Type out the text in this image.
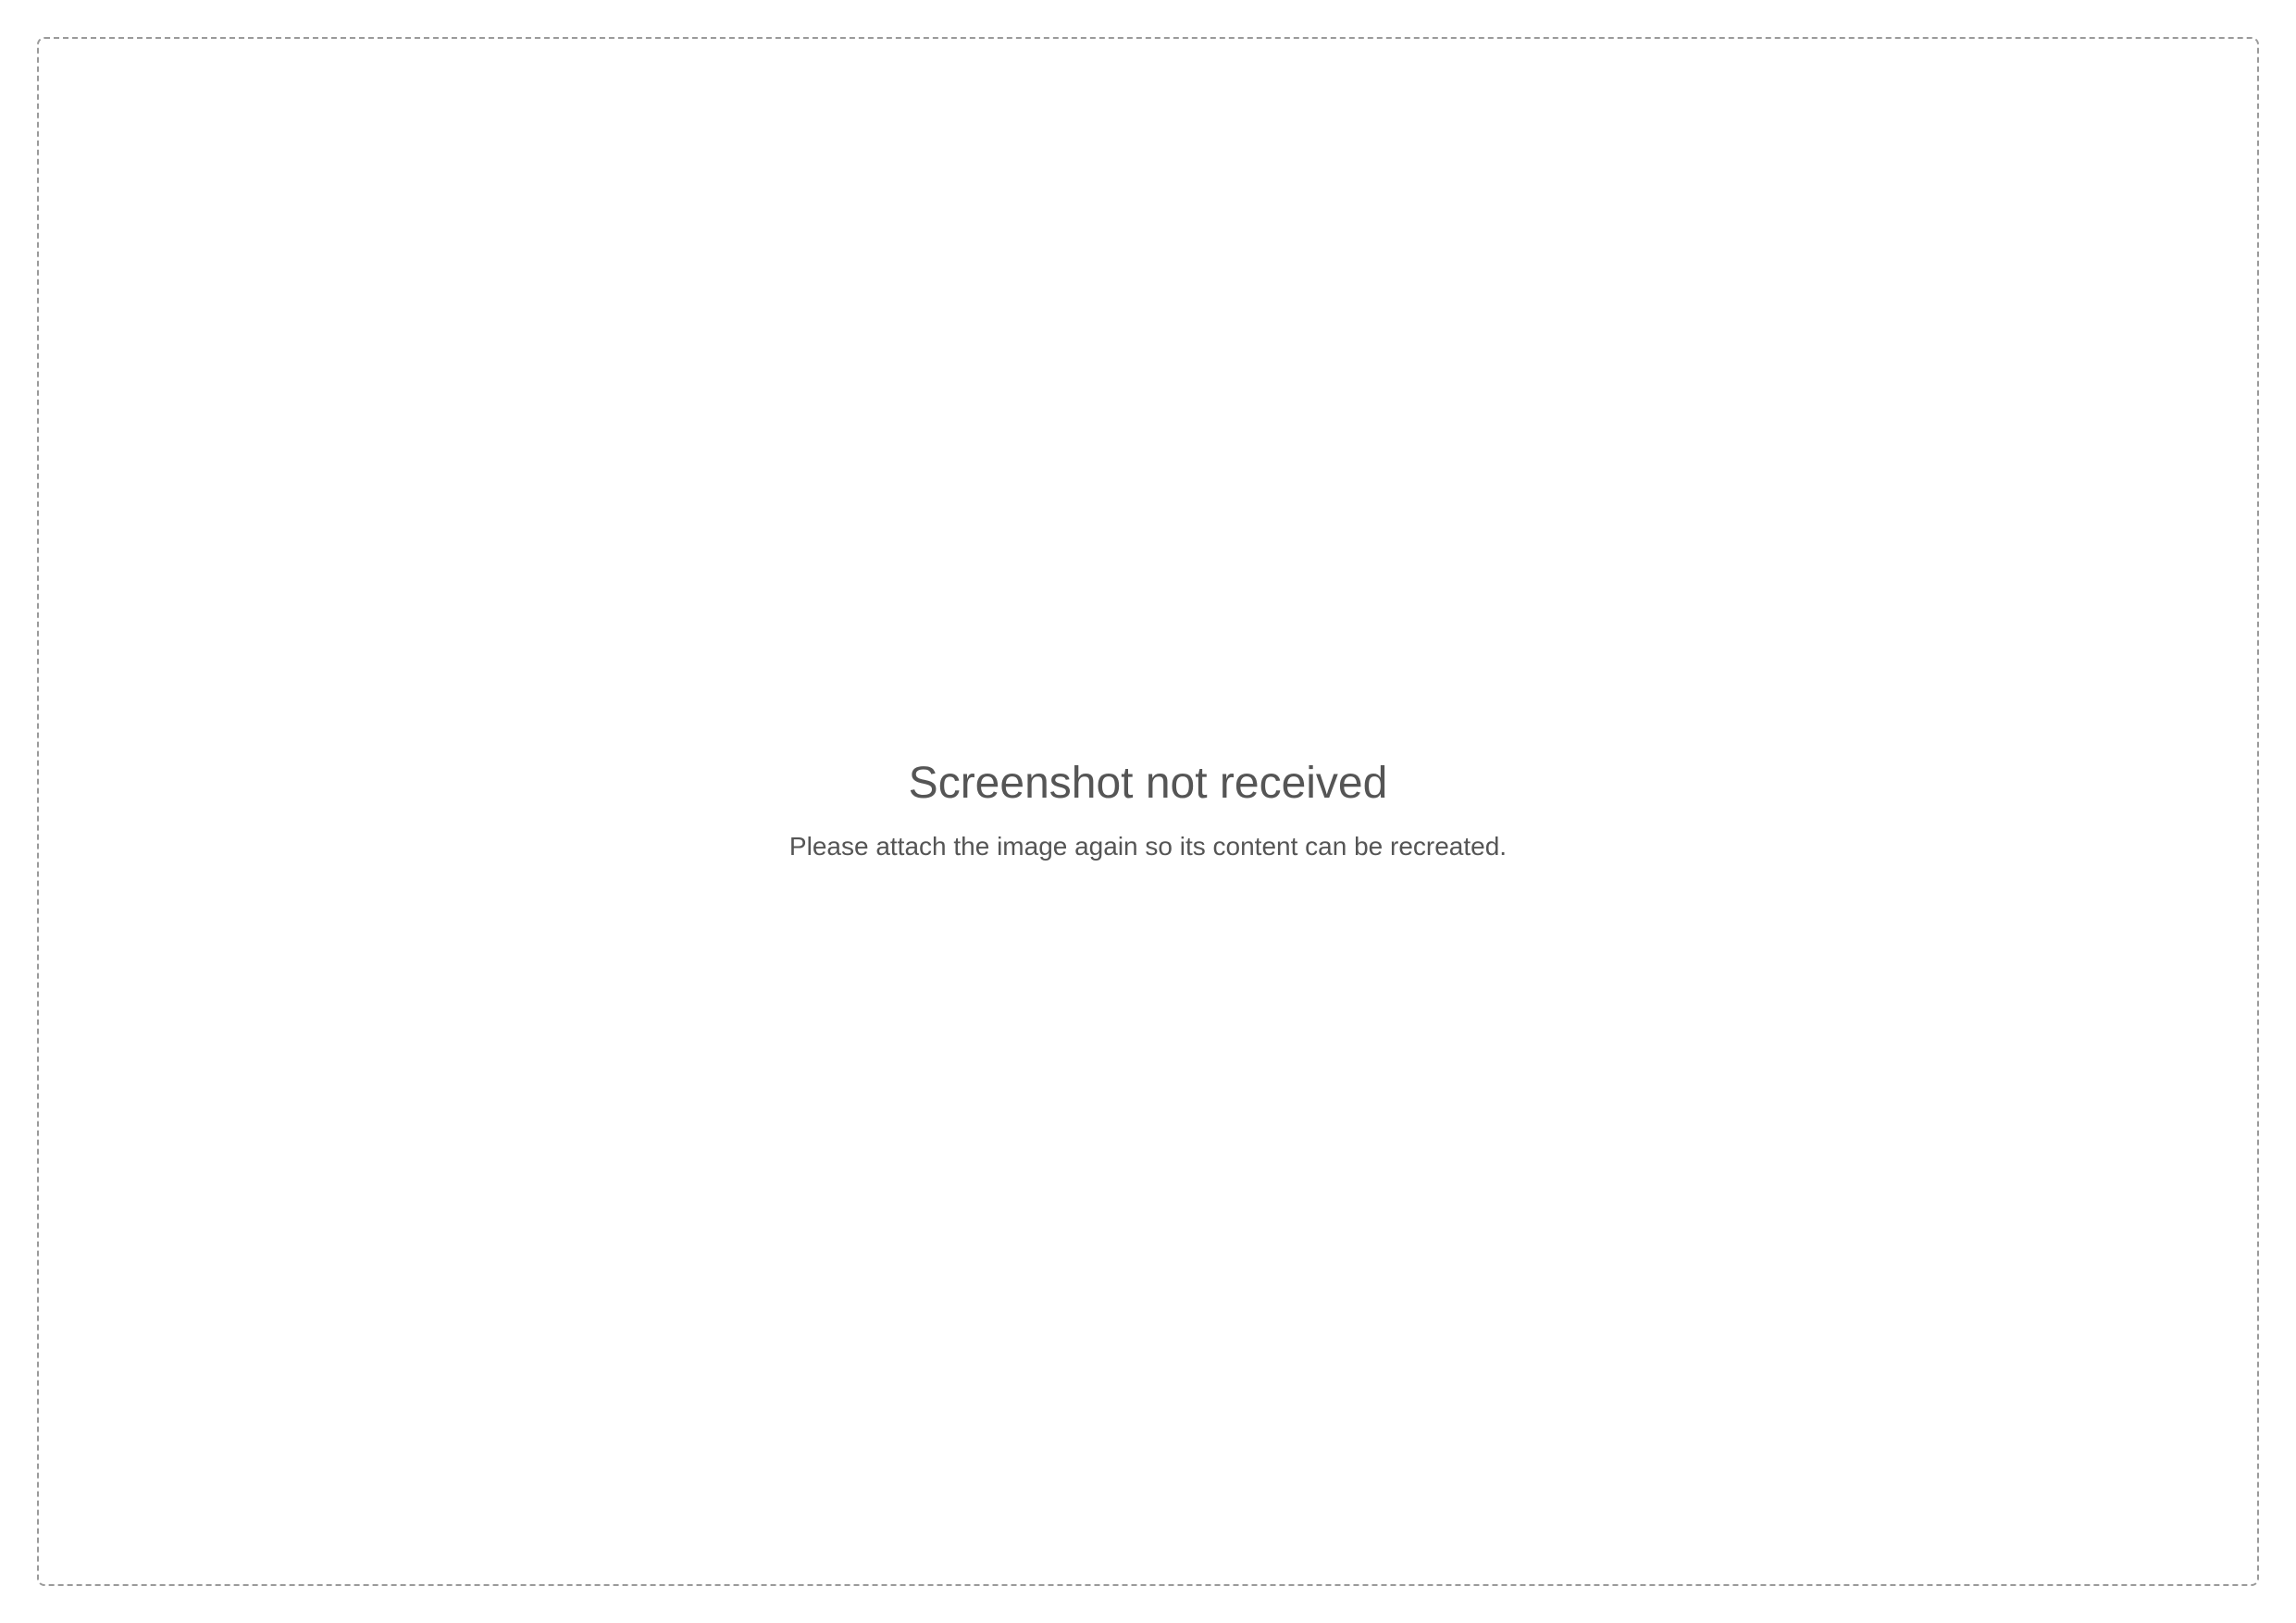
Screenshot not received
Please attach the image again so its content can be recreated.
